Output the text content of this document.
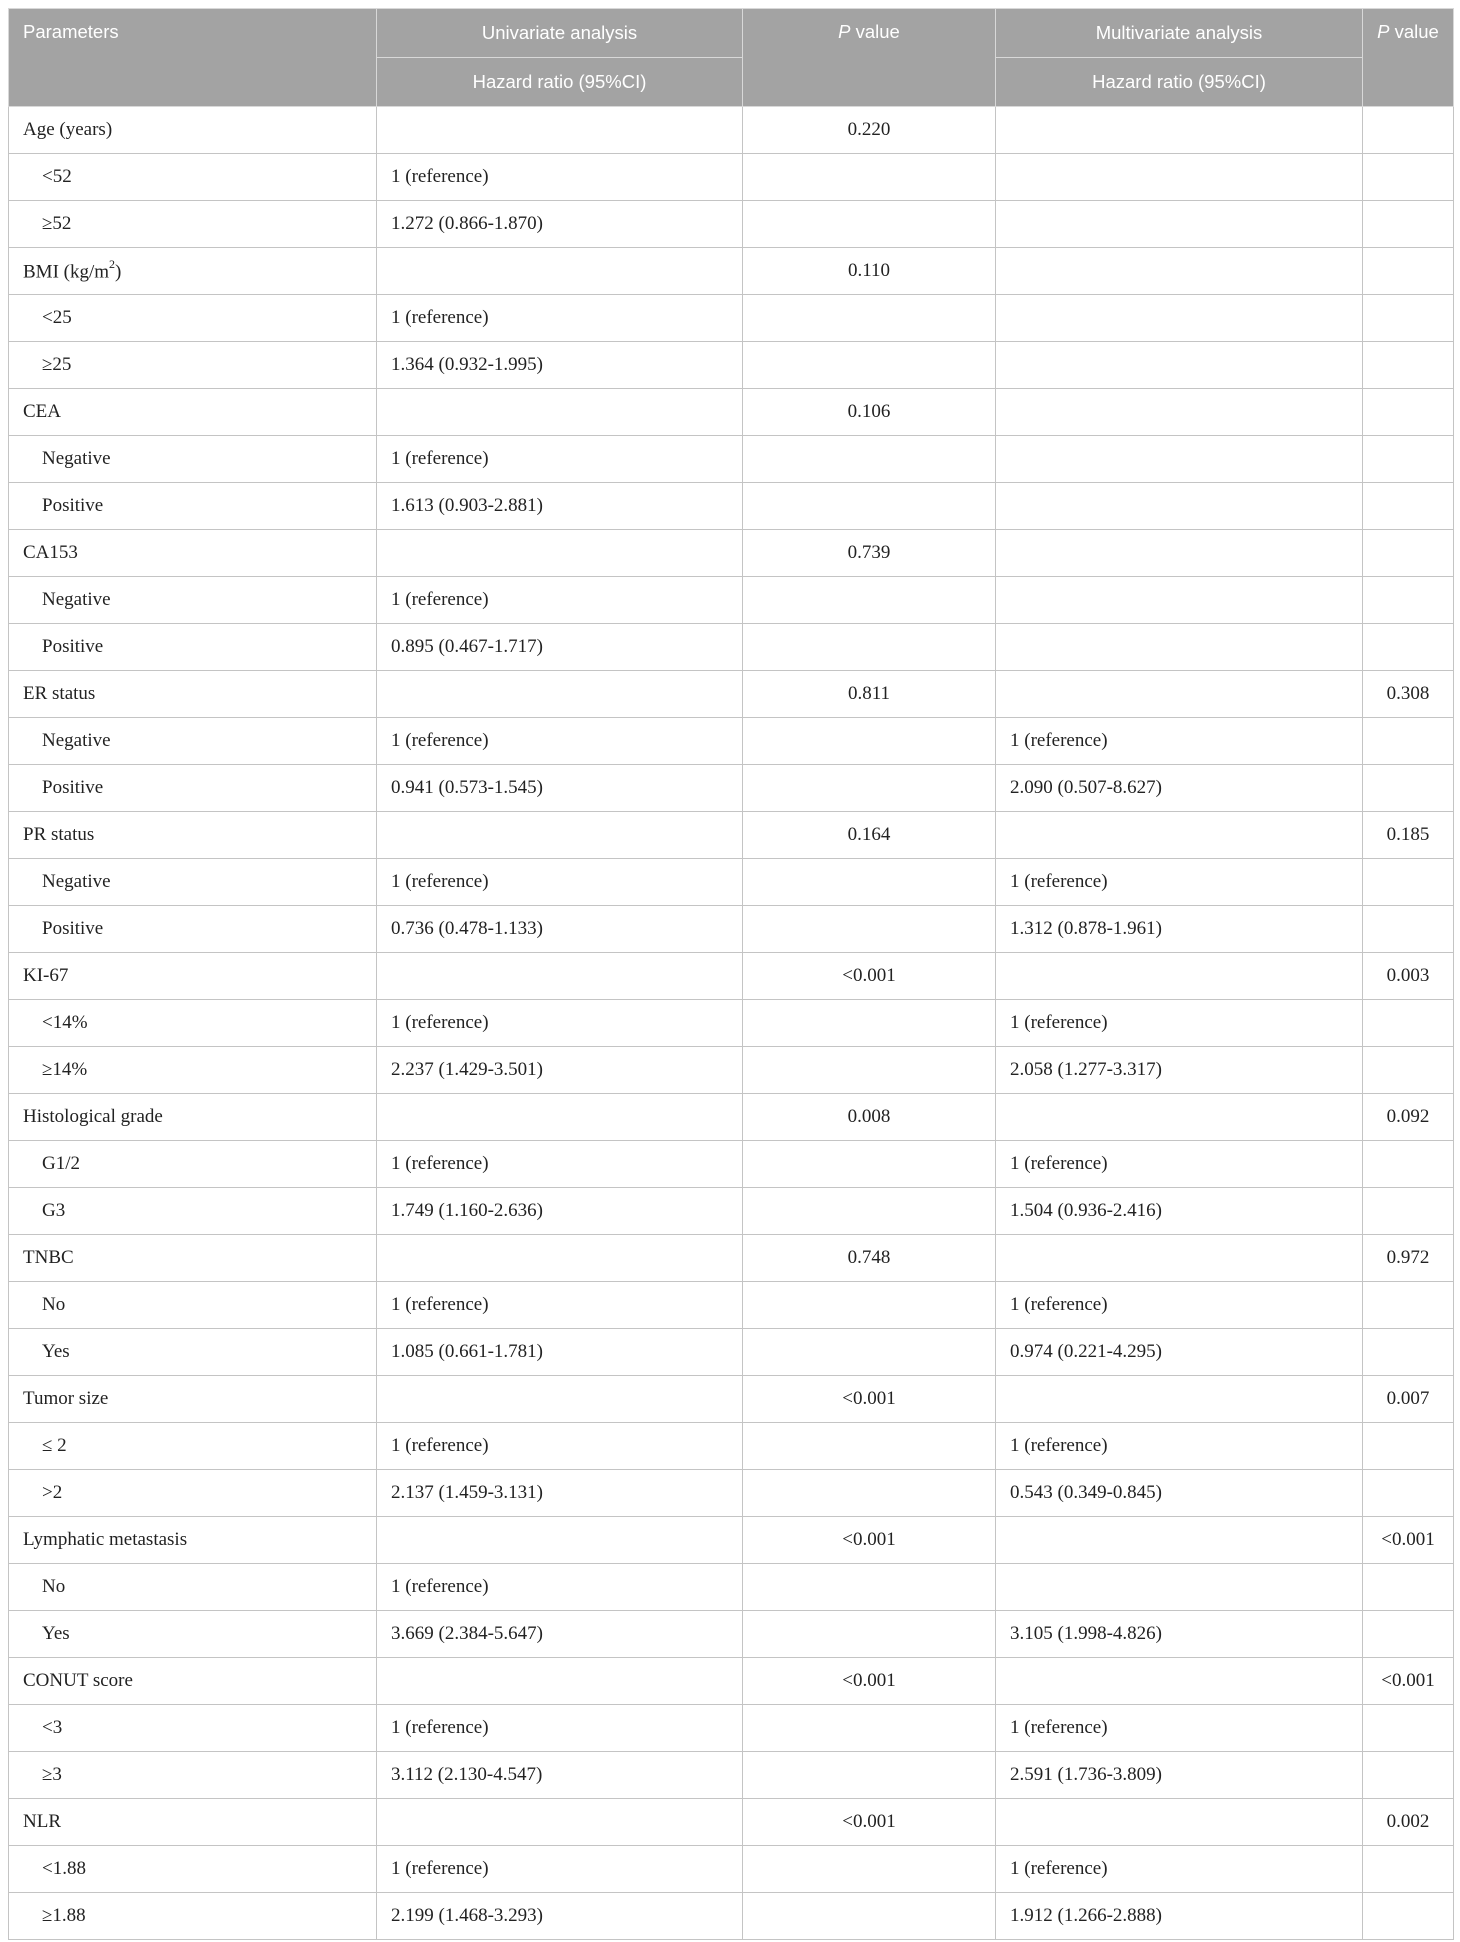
Parameters	Univariate analysis	P value	Multivariate analysis	P value
	Hazard ratio (95%CI)		Hazard ratio (95%CI)	
Age (years)		0.220		
<52	1 (reference)			
≥52	1.272 (0.866-1.870)			
BMI $(kg/m^2)$		0.110		
<25	1 (reference)			
≥25	1.364 (0.932-1.995)			
CEA		0.106		
Negative	1 (reference)			
Positive	1.613 (0.903-2.881)			
CA153		0.739		
Negative	1 (reference)			
Positive	0.895 (0.467-1.717)			
ER status		0.811		0.308
Negative	1 (reference)		1 (reference)	
Positive	0.941 (0.573-1.545)		2.090 (0.507-8.627)	
PR status		0.164		0.185
Negative	1 (reference)		1 (reference)	
Positive	0.736 (0.478-1.133)		1.312 (0.878-1.961)	
KI-67		<0.001		0.003
<14%	1 (reference)		1 (reference)	
≥14%	2.237 (1.429-3.501)		2.058 (1.277-3.317)	
Histological grade		0.008		0.092
G1/2	1 (reference)		1 (reference)	
G3	1.749 (1.160-2.636)		1.504 (0.936-2.416)	
TNBC		0.748		0.972
No	1 (reference)		1 (reference)	
Yes	1.085 (0.661-1.781)		0.974 (0.221-4.295)	
Tumor size		<0.001		0.007
≤ 2	1 (reference)		1 (reference)	
>2	2.137 (1.459-3.131)		0.543 (0.349-0.845)	
Lymphatic metastasis		<0.001		<0.001
No	1 (reference)			
Yes	3.669 (2.384-5.647)		3.105 (1.998-4.826)	
CONUT score		<0.001		<0.001
<3	1 (reference)		1 (reference)	
≥3	3.112 (2.130-4.547)		2.591 (1.736-3.809)	
NLR		<0.001		0.002
<1.88	1 (reference)		1 (reference)	
≥1.88	2.199 (1.468-3.293)		1.912 (1.266-2.888)	
